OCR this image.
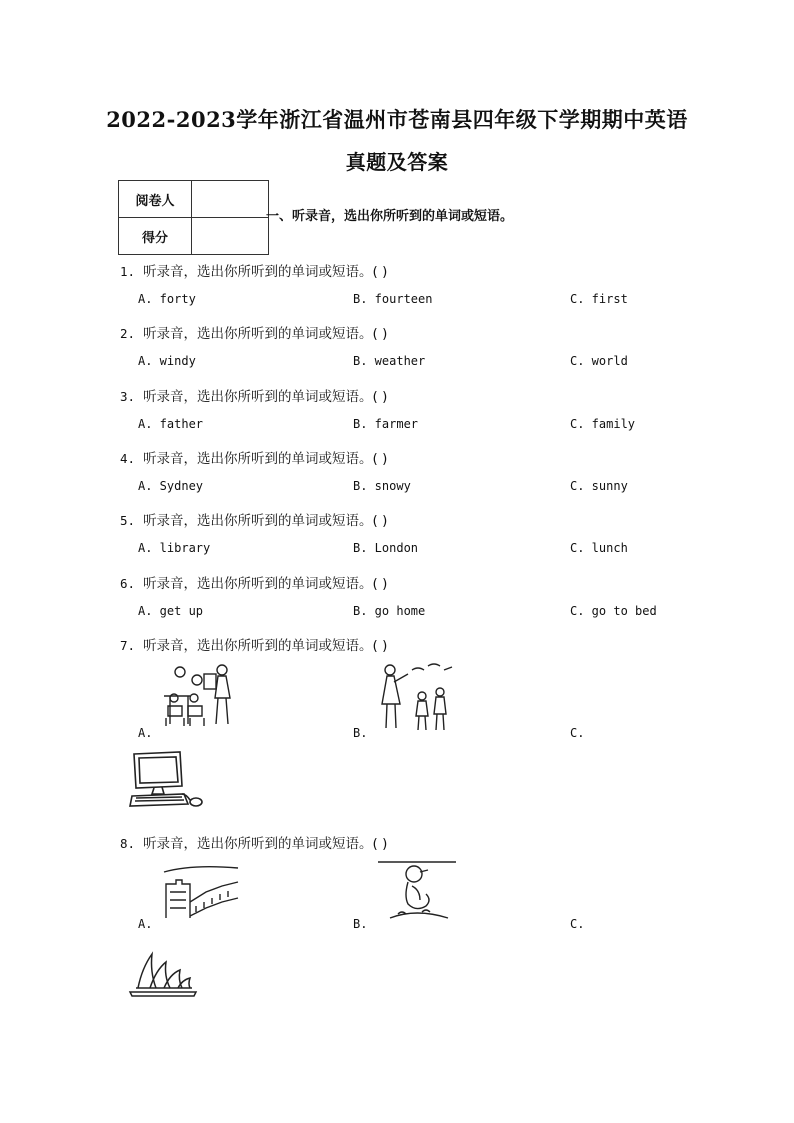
2022-2023学年浙江省温州市苍南县四年级下学期期中英语
真题及答案
阅卷人	
得分	
一、听录音，选出你所听到的单词或短语。
1. 听录音，选出你所听到的单词或短语。( )
A. forty	B. fourteen	C. first
2. 听录音，选出你所听到的单词或短语。( )
A. windy	B. weather	C. world
3. 听录音，选出你所听到的单词或短语。( )
A. father	B. farmer	C. family
4. 听录音，选出你所听到的单词或短语。( )
A. Sydney	B. snowy	C. sunny
5. 听录音，选出你所听到的单词或短语。( )
A. library	B. London	C. lunch
6. 听录音，选出你所听到的单词或短语。( )
A. get up	B. go home	C. go to bed
7. 听录音，选出你所听到的单词或短语。( )
A.	B.	C.
8. 听录音，选出你所听到的单词或短语。( )
A.	B.	C.
